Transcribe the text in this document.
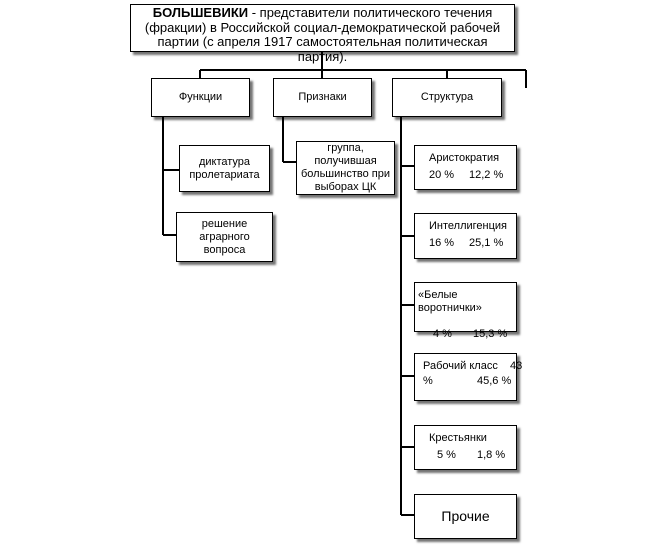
БОЛЬШЕВИКИ - представители политического течения (фракции) в Российской социал-демократической рабочей партии (с апреля 1917 самостоятельная политическая партия).
Функции	Признаки	Структура
диктатура пролетариата
решение аграрного вопроса
группа, получившая большинство при выборах ЦК
Аристократия
20 %	12,2 %
Интеллигенция
16 %	25,1 %
«Белые воротнички»
4 %	15,3 %
Рабочий класс    43
%	45,6 %
Крестьянки
5 %	1,8 %
Прочие
